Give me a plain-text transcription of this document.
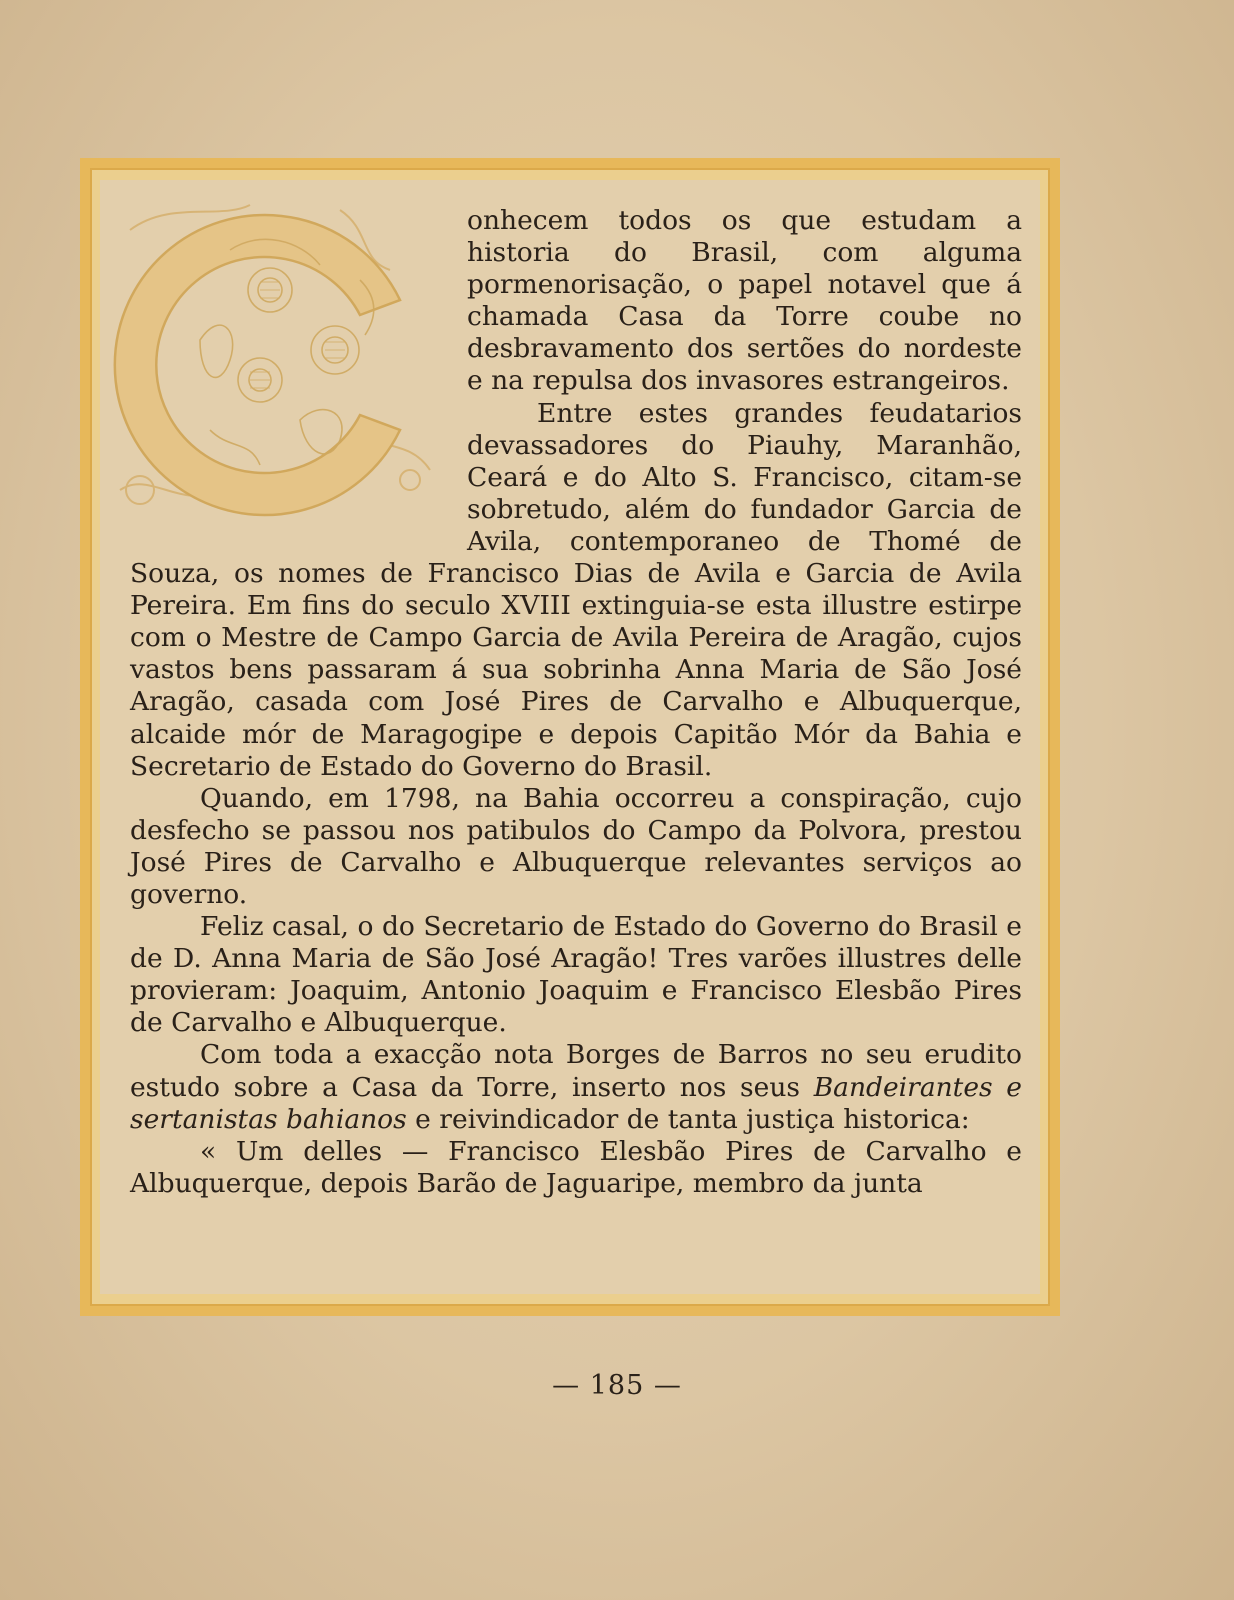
onhecem todos os que estudam a historia do Brasil, com alguma pormenorisação, o papel notavel que á chamada Casa da Torre coube no desbravamento dos sertões do nordeste e na repulsa dos invasores estrangeiros.

Entre estes grandes feudatarios devassadores do Piauhy, Maranhão, Ceará e do Alto S. Francisco, citam-se sobretudo, além do fundador Garcia de Avila, contemporaneo de Thomé de Souza, os nomes de Francisco Dias de Avila e Garcia de Avila Pereira. Em fins do seculo XVIII extinguia-se esta illustre estirpe com o Mestre de Campo Garcia de Avila Pereira de Aragão, cujos vastos bens passaram á sua sobrinha Anna Maria de São José Aragão, casada com José Pires de Carvalho e Albuquerque, alcaide mór de Maragogipe e depois Capitão Mór da Bahia e Secretario de Estado do Governo do Brasil.

Quando, em 1798, na Bahia occorreu a conspiração, cujo desfecho se passou nos patibulos do Campo da Polvora, prestou José Pires de Carvalho e Albuquerque relevantes serviços ao governo.

Feliz casal, o do Secretario de Estado do Governo do Brasil e de D. Anna Maria de São José Aragão! Tres varões illustres delle provieram: Joaquim, Antonio Joaquim e Francisco Elesbão Pires de Carvalho e Albuquerque.

Com toda a exacção nota Borges de Barros no seu erudito estudo sobre a Casa da Torre, inserto nos seus Bandeirantes e sertanistas bahianos e reivindicador de tanta justiça historica:

« Um delles — Francisco Elesbão Pires de Carvalho e Albuquerque, depois Barão de Jaguaripe, membro da junta

— 185 —
